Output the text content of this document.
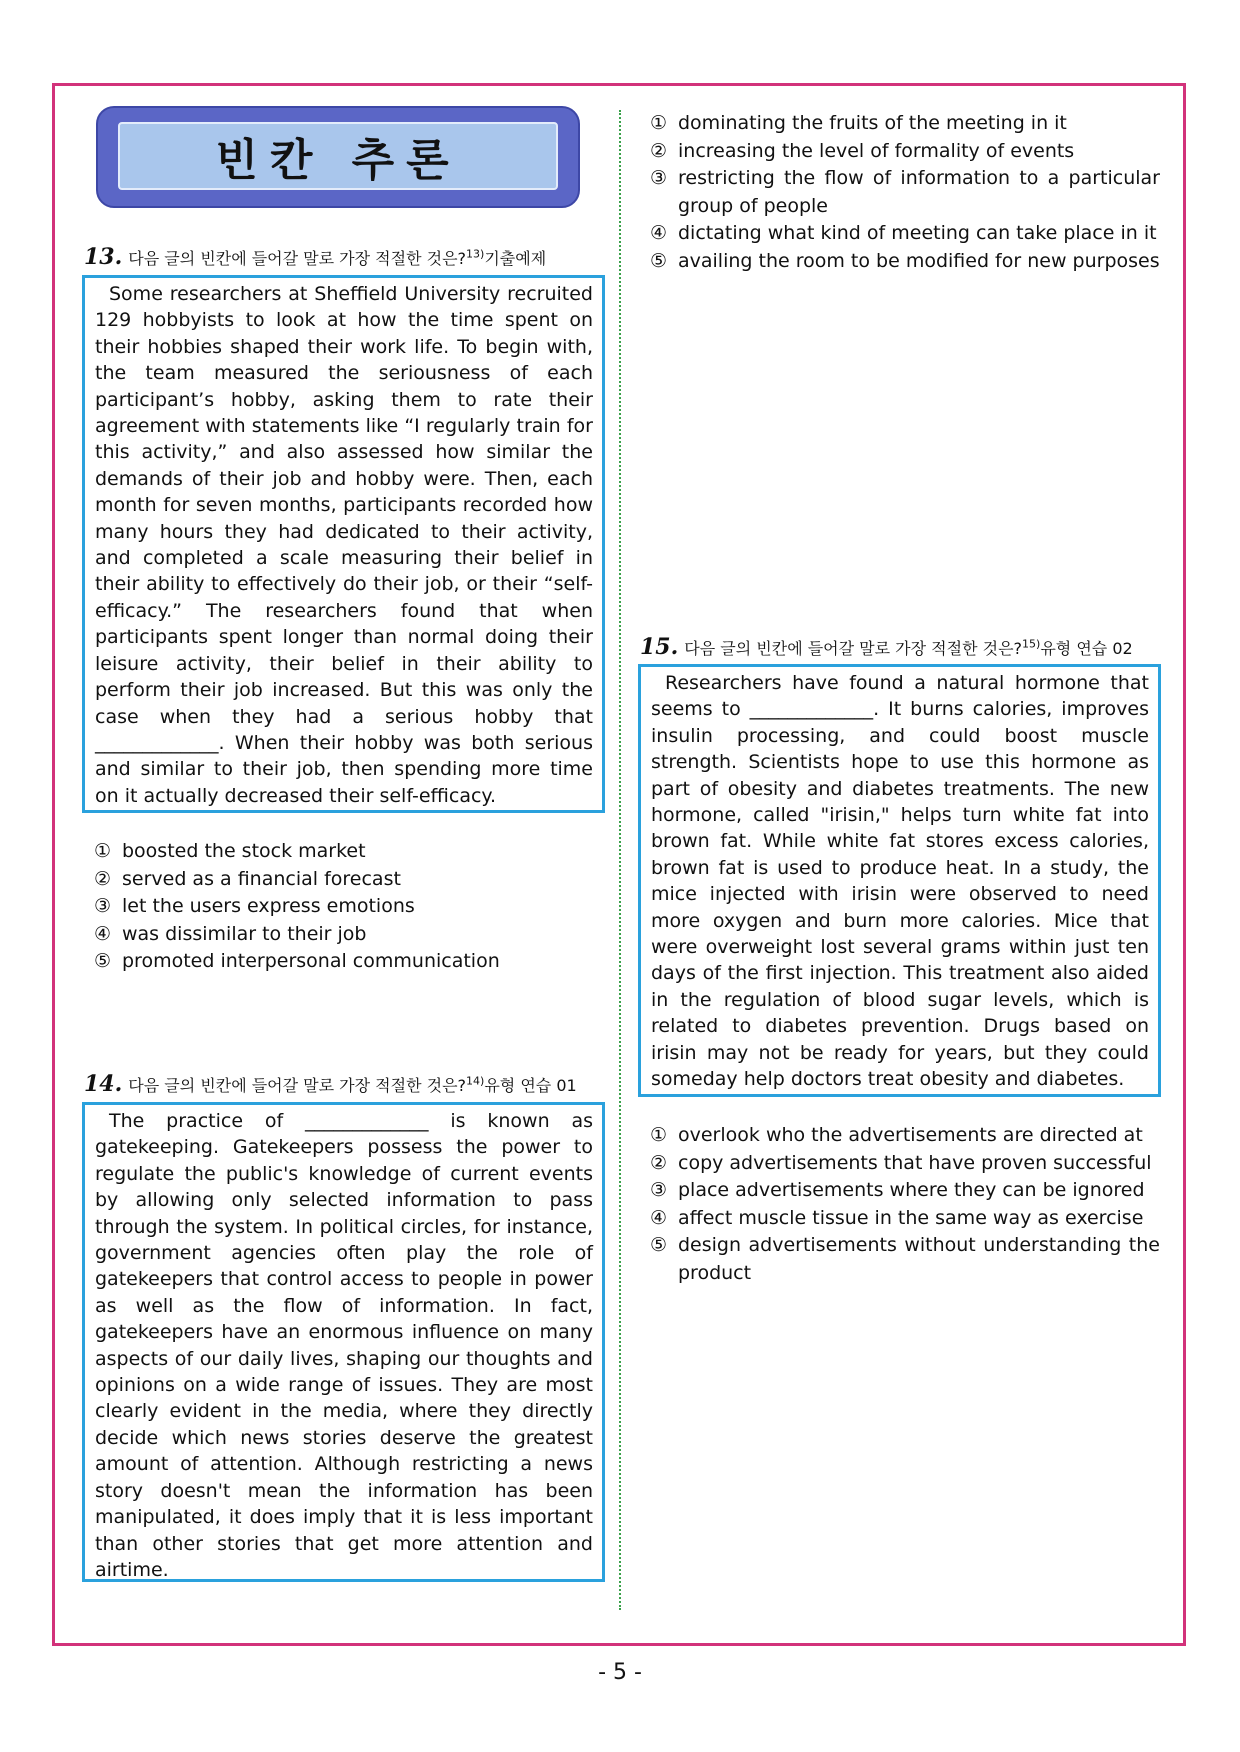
빈칸 추론
13. 다음 글의 빈칸에 들어갈 말로 가장 적절한 것은?$^{13)}$기출예제

Some researchers at Sheffield University recruited 129 hobbyists to look at how the time spent on their hobbies shaped their work life. To begin with, the team measured the seriousness of each participant’s hobby, asking them to rate their agreement with statements like “I regularly train for this activity,” and also assessed how similar the demands of their job and hobby were. Then, each month for seven months, participants recorded how many hours they had dedicated to their activity, and completed a scale measuring their belief in their ability to effectively do their job, or their “self-efficacy.” The researchers found that when participants spent longer than normal doing their leisure activity, their belief in their ability to perform their job increased. But this was only the case when they had a serious hobby that _____________. When their hobby was both serious and similar to their job, then spending more time on it actually decreased their self-efficacy.

① boosted the stock market
② served as a financial forecast
③ let the users express emotions
④ was dissimilar to their job
⑤ promoted interpersonal communication
14. 다음 글의 빈칸에 들어갈 말로 가장 적절한 것은?$^{14)}$유형 연습 01

The practice of _____________ is known as gatekeeping. Gatekeepers possess the power to regulate the public's knowledge of current events by allowing only selected information to pass through the system. In political circles, for instance, government agencies often play the role of gatekeepers that control access to people in power as well as the flow of information. In fact, gatekeepers have an enormous influence on many aspects of our daily lives, shaping our thoughts and opinions on a wide range of issues. They are most clearly evident in the media, where they directly decide which news stories deserve the greatest amount of attention. Although restricting a news story doesn't mean the information has been manipulated, it does imply that it is less important than other stories that get more attention and airtime.

① dominating the fruits of the meeting in it
② increasing the level of formality of events
③ restricting the flow of information to a particular group of people
④ dictating what kind of meeting can take place in it
⑤ availing the room to be modified for new purposes
15. 다음 글의 빈칸에 들어갈 말로 가장 적절한 것은?$^{15)}$유형 연습 02

Researchers have found a natural hormone that seems to _____________. It burns calories, improves insulin processing, and could boost muscle strength. Scientists hope to use this hormone as part of obesity and diabetes treatments. The new hormone, called "irisin," helps turn white fat into brown fat. While white fat stores excess calories, brown fat is used to produce heat. In a study, the mice injected with irisin were observed to need more oxygen and burn more calories. Mice that were overweight lost several grams within just ten days of the first injection. This treatment also aided in the regulation of blood sugar levels, which is related to diabetes prevention. Drugs based on irisin may not be ready for years, but they could someday help doctors treat obesity and diabetes.

① overlook who the advertisements are directed at
② copy advertisements that have proven successful
③ place advertisements where they can be ignored
④ affect muscle tissue in the same way as exercise
⑤ design advertisements without understanding the product
- 5 -
